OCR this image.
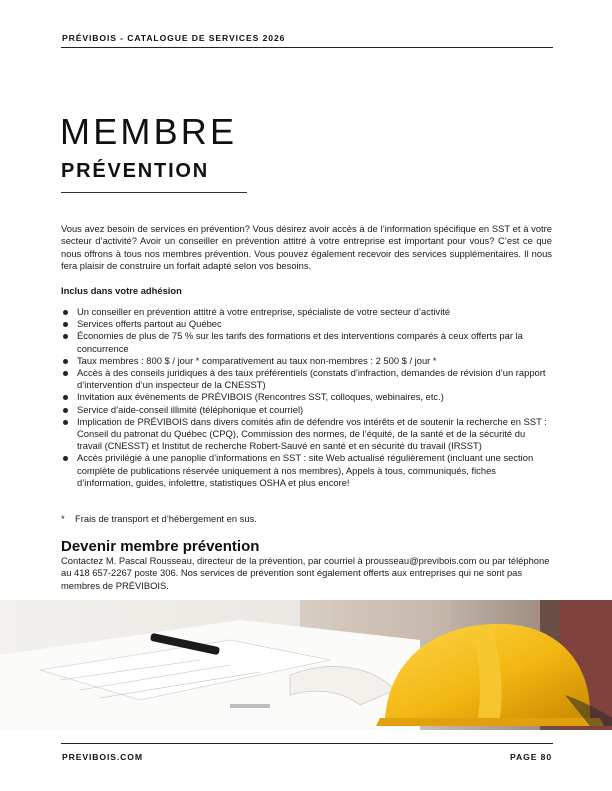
PRÉVIBOIS - CATALOGUE DE SERVICES 2026
MEMBRE
PRÉVENTION

Vous avez besoin de services en prévention? Vous désirez avoir accès à de l’information spécifique en SST et à votre secteur d’activité? Avoir un conseiller en prévention attitré à votre entreprise est important pour vous? C’est ce que nous offrons à tous nos membres prévention. Vous pouvez également recevoir des services supplémentaires. Il nous fera plaisir de construire un forfait adapté selon vos besoins.

Inclus dans votre adhésion

Un conseiller en prévention attitré à votre entreprise, spécialiste de votre secteur d’activité
Services offerts partout au Québec
Économies de plus de 75 % sur les tarifs des formations et des interventions comparés à ceux offerts par la concurrence
Taux membres : 800 $ / jour * comparativement au taux non-membres : 2 500 $ / jour *
Accès à des conseils juridiques à des taux préférentiels (constats d’infraction, demandes de révision d’un rapport d’intervention d’un inspecteur de la CNESST)
Invitation aux évènements de PRÉVIBOIS (Rencontres SST, colloques, webinaires, etc.)
Service d’aide-conseil illimité (téléphonique et courriel)
Implication de PRÉVIBOIS dans divers comités afin de défendre vos intérêts et de soutenir la recherche en SST : Conseil du patronat du Québec (CPQ), Commission des normes, de l’équité, de la santé et de la sécurité du travail (CNESST) et Institut de recherche Robert-Sauvé en santé et en sécurité du travail (IRSST)
Accès privilégié à une panoplie d’informations en SST : site Web actualisé régulièrement (incluant une section complète de publications réservée uniquement à nos membres), Appels à tous, communiqués, fiches d’information, guides, infolettre, statistiques OSHA et plus encore!

* Frais de transport et d’hébergement en sus.

Devenir membre prévention

Contactez M. Pascal Rousseau, directeur de la prévention, par courriel à prousseau@previbois.com ou par téléphone au 418 657-2267 poste 306. Nos services de prévention sont également offerts aux entreprises qui ne sont pas membres de PRÉVIBOIS.

PREVIBOIS.COM	PAGE 80
